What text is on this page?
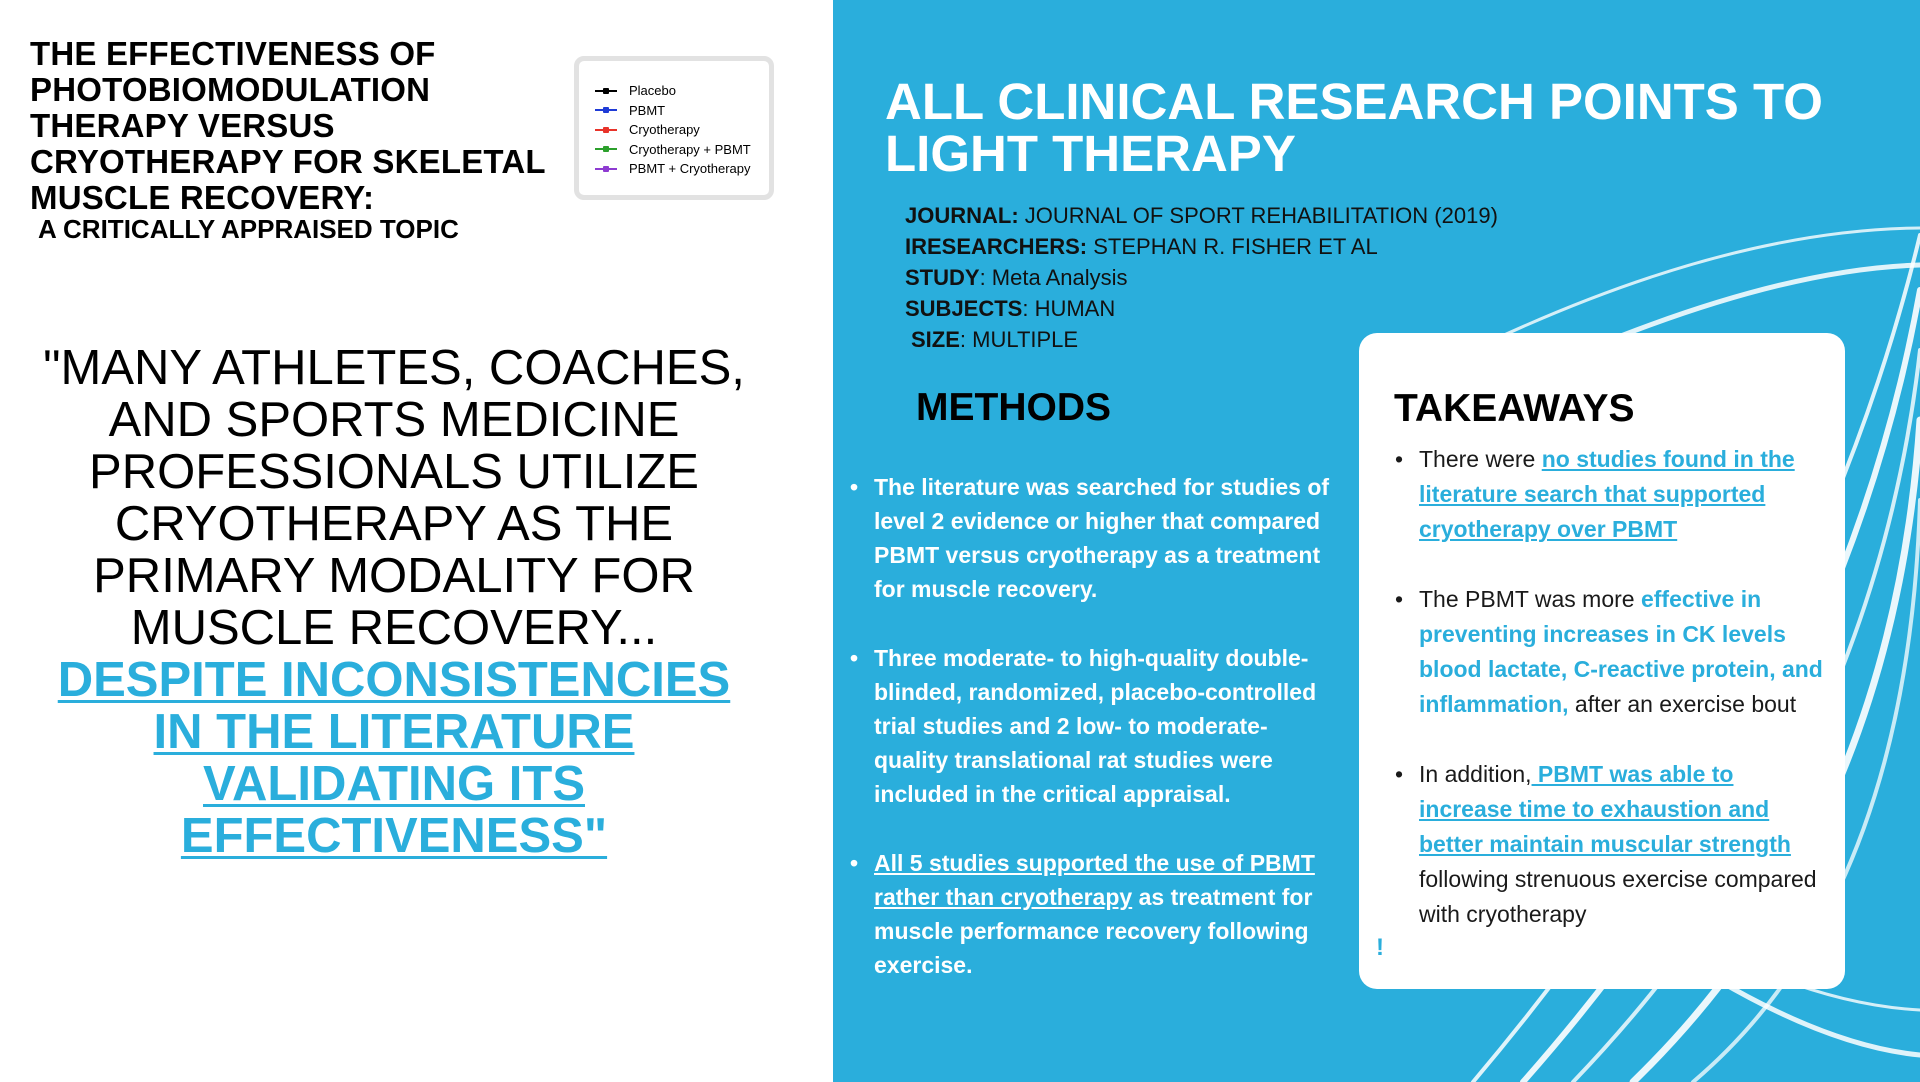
THE EFFECTIVENESS OF
PHOTOBIOMODULATION
THERAPY VERSUS
CRYOTHERAPY FOR SKELETAL
MUSCLE RECOVERY:
A CRITICALLY APPRAISED TOPIC
Placebo
PBMT
Cryotherapy
Cryotherapy + PBMT
PBMT + Cryotherapy
"MANY ATHLETES, COACHES, AND SPORTS MEDICINE PROFESSIONALS UTILIZE CRYOTHERAPY AS THE PRIMARY MODALITY FOR MUSCLE RECOVERY...
DESPITE INCONSISTENCIES IN THE LITERATURE VALIDATING ITS EFFECTIVENESS"
ALL CLINICAL RESEARCH POINTS TO LIGHT THERAPY
JOURNAL: JOURNAL OF SPORT REHABILITATION (2019)
IRESEARCHERS: STEPHAN R. FISHER ET AL
STUDY: Meta Analysis
SUBJECTS: HUMAN
SIZE: MULTIPLE
METHODS
• The literature was searched for studies of level 2 evidence or higher that compared PBMT versus cryotherapy as a treatment for muscle recovery.
• Three moderate- to high-quality double-blinded, randomized, placebo-controlled trial studies and 2 low- to moderate- quality translational rat studies were included in the critical appraisal.
• All 5 studies supported the use of PBMT rather than cryotherapy as treatment for muscle performance recovery following exercise.
TAKEAWAYS
• There were no studies found in the literature search that supported cryotherapy over PBMT
• The PBMT was more effective in preventing increases in CK levels blood lactate, C-reactive protein, and inflammation, after an exercise bout
• In addition, PBMT was able to increase time to exhaustion and better maintain muscular strength following strenuous exercise compared with cryotherapy
!
